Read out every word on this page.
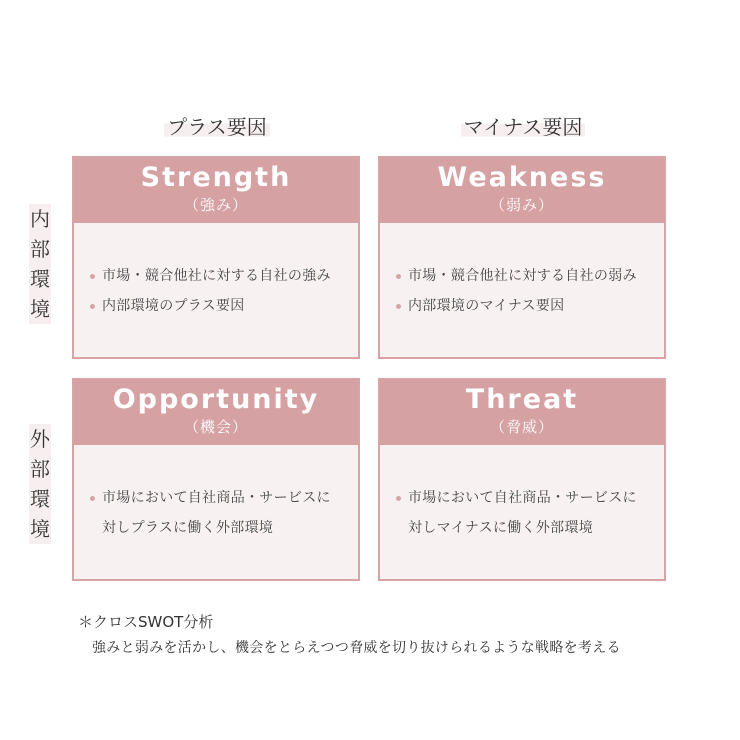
プラス要因	マイナス要因
内
部
環
境
外
部
環
境
Strength
（強み）
市場・競合他社に対する自社の強み
内部環境のプラス要因
Weakness
（弱み）
市場・競合他社に対する自社の弱み
内部環境のマイナス要因
Opportunity
（機会）
市場において自社商品・サービスに
対しプラスに働く外部環境
Threat
（脅威）
市場において自社商品・サービスに
対しマイナスに働く外部環境
＊クロスSWOT分析
強みと弱みを活かし、機会をとらえつつ脅威を切り抜けられるような戦略を考える
